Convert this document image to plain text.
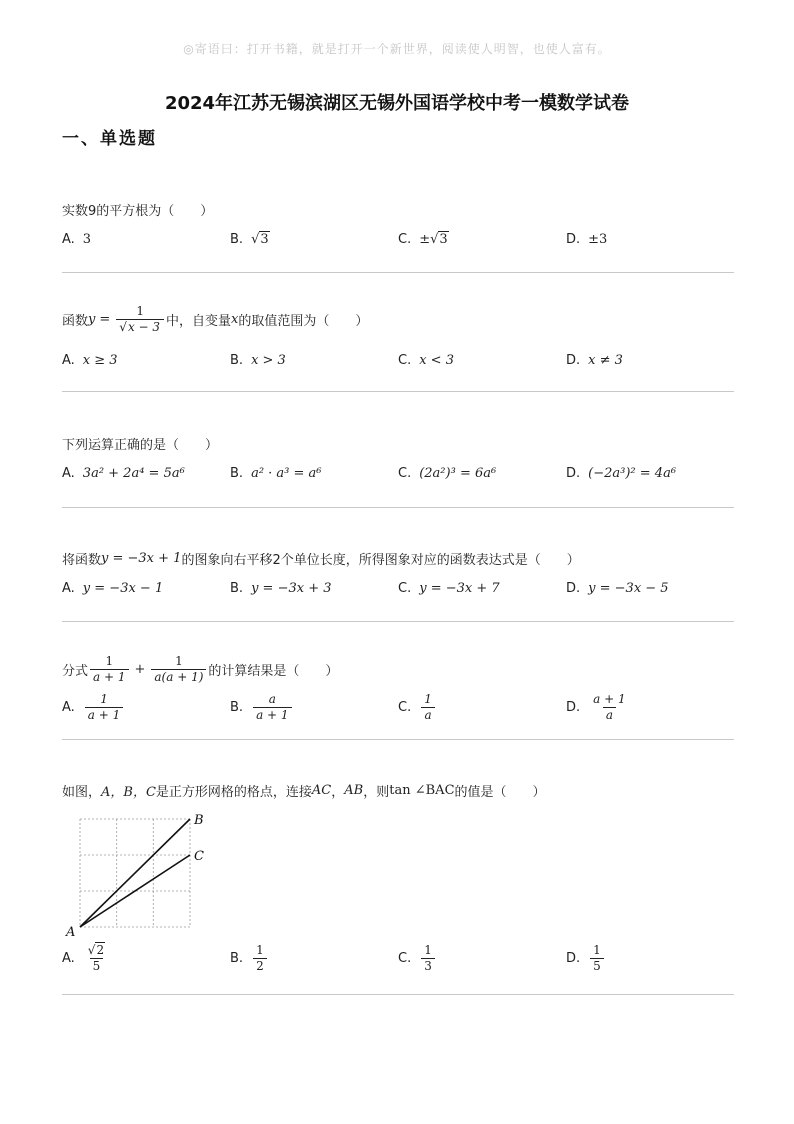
◎寄语曰：打开书籍，就是打开一个新世界，阅读使人明智，也使人富有。
2024年江苏无锡滨湖区无锡外国语学校中考一模数学试卷
一、单选题
实数9的平方根为（ ）
A. 3	B. √3	C. ± √3	D. ±3
函数 $y = \frac{1}{√x - 3}$ 中，自变量 x 的取值范围为（ ）
A. x ≥ 3	B. x > 3	C. x < 3	D. x ≠ 3
下列运算正确的是（ ）
A. 3a² + 2a⁴ = 5a⁶	B. a² · a³ = a⁶	C. (2a²)³ = 6a⁶	D. (−2a³)² = 4a⁶
将函数 y = −3x + 1 的图象向右平移2个单位长度，所得图象对应的函数表达式是（ ）
A. y = −3x − 1	B. y = −3x + 3	C. y = −3x + 7	D. y = −3x − 5
分式 $\frac{1}{a + 1} + \frac{1}{a(a + 1)}$ 的计算结果是（ ）
A. $\frac{1}{a + 1}$	B. $\frac{a}{a + 1}$	C. $\frac{1}{a}$	D. $\frac{a + 1}{a}$
如图， A，B，C 是正方形网格的格点，连接 AC ， AB ，则 tan ∠BAC 的值是（ ）
A
B
C
A. $\frac{√2}{5}$	B. $\frac{1}{2}$	C. $\frac{1}{3}$	D. $\frac{1}{5}$
